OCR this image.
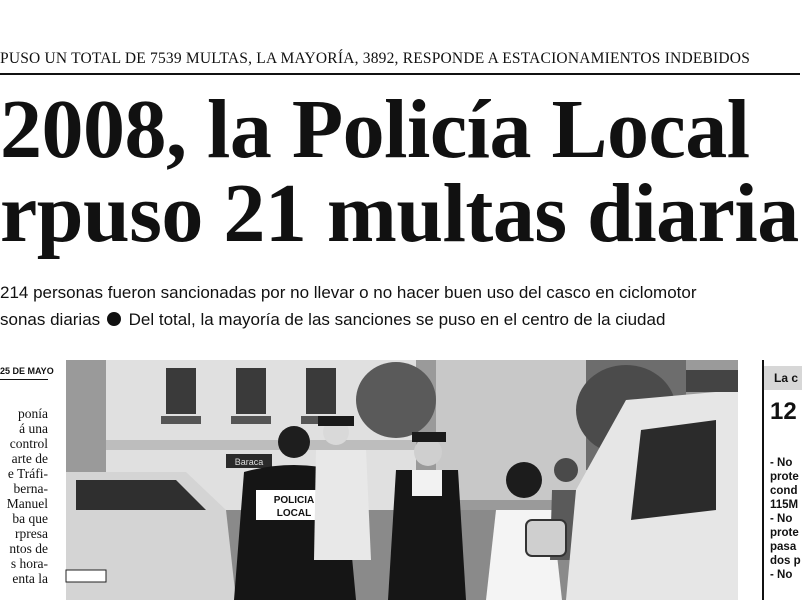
PUSO UN TOTAL DE 7539 MULTAS, LA MAYORÍA, 3892, RESPONDE A ESTACIONAMIENTOS INDEBIDOS
2008, la Policía Local
rpuso 21 multas diaria
214 personas fueron sancionadas por no llevar o no hacer buen uso del casco en ciclomotor
sonas diarias Del total, la mayoría de las sanciones se puso en el centro de la ciudad
25 DE MAYO
ponía
á una
control
arte de
e Tráfi-
berna-
Manuel
ba que
rpresa
ntos de
s hora-
enta la
Baraca
POLICIA
LOCAL
La c
12
- No
prote
cond
115M
- No
prote
pasa
dos p
- No
